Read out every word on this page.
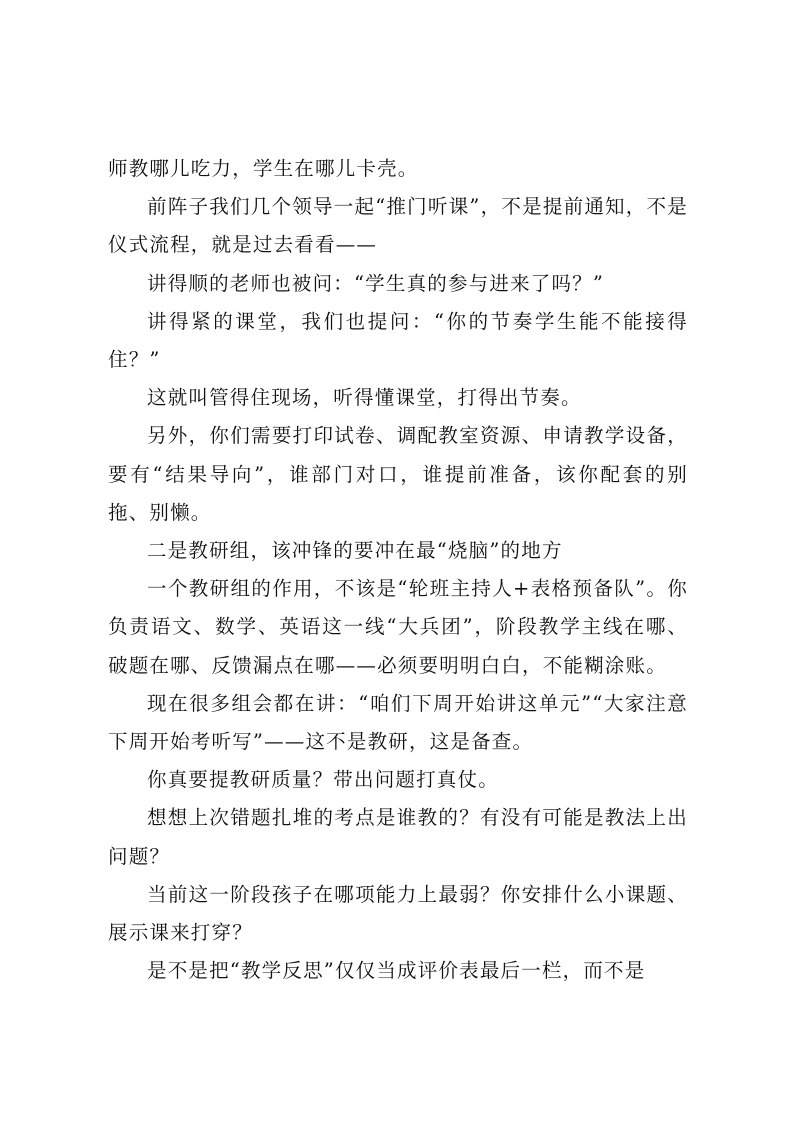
师教哪儿吃力，学生在哪儿卡壳。

前阵子我们几个领导一起“推门听课”，不是提前通知，不是仪式流程，就是过去看看——

讲得顺的老师也被问：“学生真的参与进来了吗？”

讲得紧的课堂，我们也提问：“你的节奏学生能不能接得住？”

这就叫管得住现场，听得懂课堂，打得出节奏。

另外，你们需要打印试卷、调配教室资源、申请教学设备，要有“结果导向”，谁部门对口，谁提前准备，该你配套的别拖、别懒。

二是教研组，该冲锋的要冲在最“烧脑”的地方

一个教研组的作用，不该是“轮班主持人+表格预备队”。你负责语文、数学、英语这一线“大兵团”，阶段教学主线在哪、破题在哪、反馈漏点在哪——必须要明明白白，不能糊涂账。

现在很多组会都在讲：“咱们下周开始讲这单元”“大家注意下周开始考听写”——这不是教研，这是备查。

你真要提教研质量？带出问题打真仗。

想想上次错题扎堆的考点是谁教的？有没有可能是教法上出问题？

当前这一阶段孩子在哪项能力上最弱？你安排什么小课题、展示课来打穿？

是不是把“教学反思”仅仅当成评价表最后一栏，而不是
